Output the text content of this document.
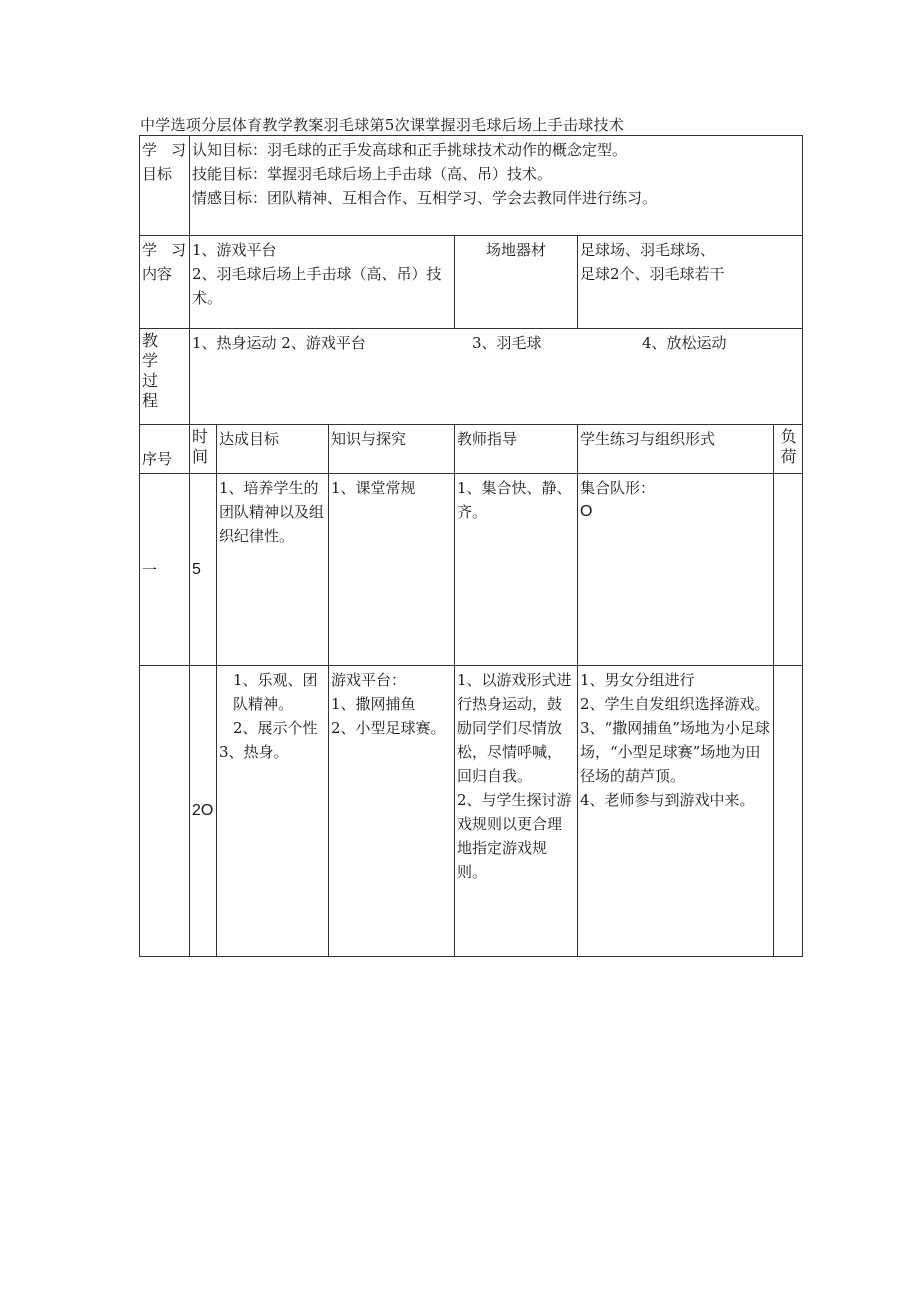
中学选项分层体育教学教案羽毛球第5次课掌握羽毛球后场上手击球技术
学 习
目标	认知目标：羽毛球的正手发高球和正手挑球技术动作的概念定型。
技能目标：掌握羽毛球后场上手击球（高、吊）技术。
情感目标：团队精神、互相合作、互相学习、学会去教同伴进行练习。					

学 习
内容	1、游戏平台
2、羽毛球后场上手击球（高、吊）技术。			场地器材	足球场、羽毛球场、
足球2个、羽毛球若干	

教
学
过
程	1、热身运动 2、游戏平台 3、羽毛球 4、放松运动					

序号	时
间	达成目标	知识与探究	教师指导	学生练习与组织形式	负
荷

一	5	1、培养学生的团队精神以及组织纪律性。	1、课堂常规	1、集合快、静、齐。	集合队形：
O	

	2O	1、乐观、团队精神。
2、展示个性
3、热身。	游戏平台：
1、撒网捕鱼
2、小型足球赛。	1、以游戏形式进行热身运动，鼓励同学们尽情放松，尽情呼喊，回归自我。
2、与学生探讨游戏规则以更合理地指定游戏规则。	1、男女分组进行
2、学生自发组织选择游戏。
3、“撒网捕鱼”场地为小足球场，“小型足球赛”场地为田径场的葫芦顶。
4、老师参与到游戏中来。	
